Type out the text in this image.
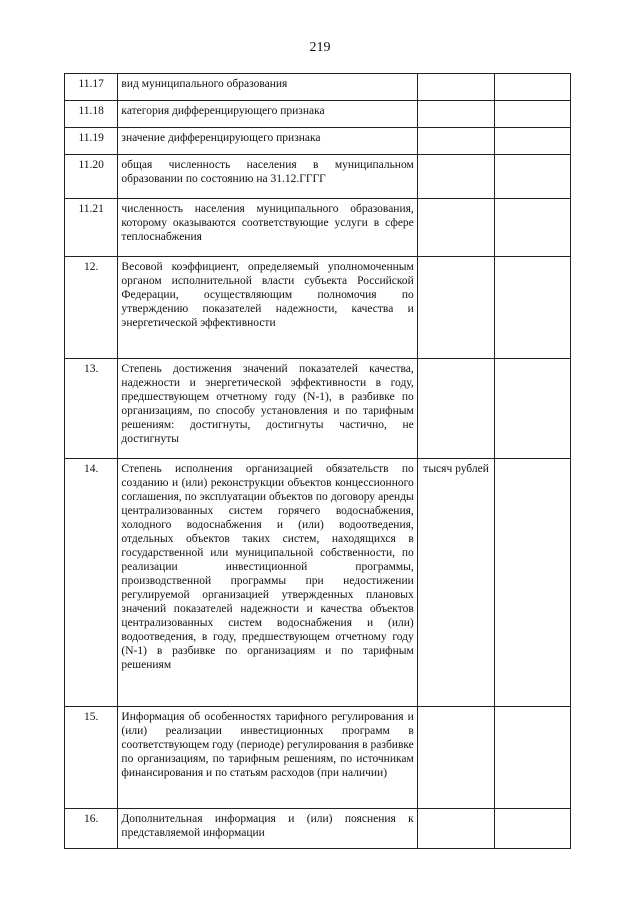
219
11.17	вид муниципального образования		
11.18	категория дифференцирующего признака		
11.19	значение дифференцирующего признака		
11.20	общая численность населения в муниципальном образовании по состоянию на 31.12.ГГГГ		
11.21	численность населения муниципального образования, которому оказываются соответствующие услуги в сфере теплоснабжения		
12.	Весовой коэффициент, определяемый уполномоченным органом исполнительной власти субъекта Российской Федерации, осуществляющим полномочия по утверждению показателей надежности, качества и энергетической эффективности		
13.	Степень достижения значений показателей качества, надежности и энергетической эффективности в году, предшествующем отчетному году (N-1), в разбивке по организациям, по способу установления и по тарифным решениям: достигнуты, достигнуты частично, не достигнуты		
14.	Степень исполнения организацией обязательств по созданию и (или) реконструкции объектов концессионного соглашения, по эксплуатации объектов по договору аренды централизованных систем горячего водоснабжения, холодного водоснабжения и (или) водоотведения, отдельных объектов таких систем, находящихся в государственной или муниципальной собственности, по реализации инвестиционной программы, производственной программы при недостижении регулируемой организацией утвержденных плановых значений показателей надежности и качества объектов централизованных систем водоснабжения и (или) водоотведения, в году, предшествующем отчетному году (N-1) в разбивке по организациям и по тарифным решениям	тысяч рублей	
15.	Информация об особенностях тарифного регулирования и (или) реализации инвестиционных программ в соответствующем году (периоде) регулирования в разбивке по организациям, по тарифным решениям, по источникам финансирования и по статьям расходов (при наличии)		
16.	Дополнительная информация и (или) пояснения к представляемой информации		
